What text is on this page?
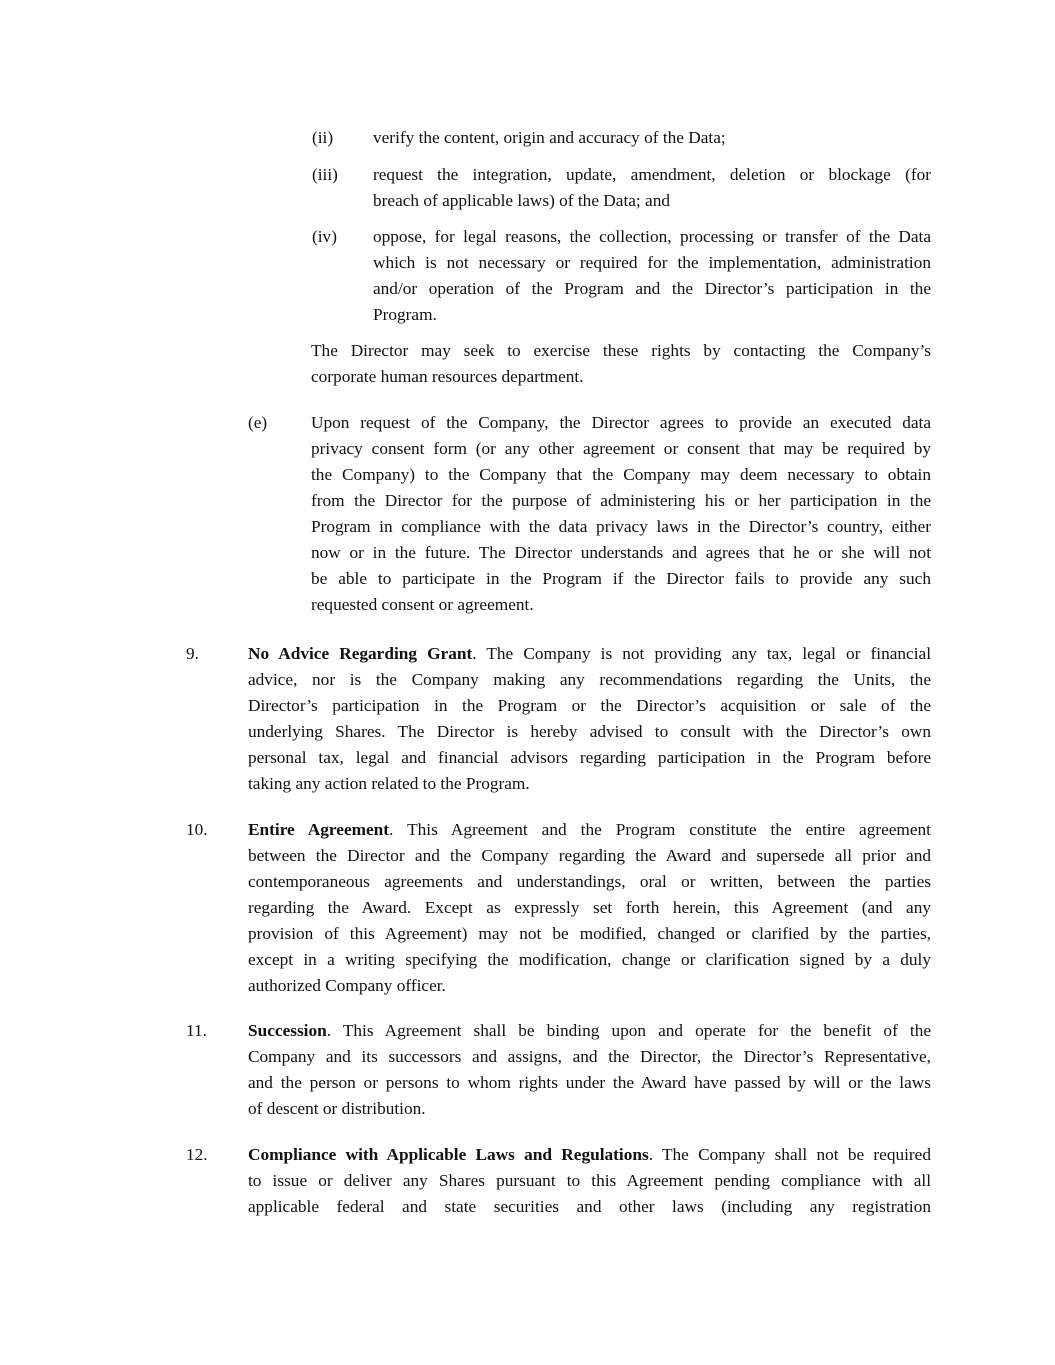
(ii) verify the content, origin and accuracy of the Data;
(iii) request the integration, update, amendment, deletion or blockage (for
breach of applicable laws) of the Data; and
(iv) oppose, for legal reasons, the collection, processing or transfer of the Data
which is not necessary or required for the implementation, administration
and/or operation of the Program and the Director’s participation in the
Program.
The Director may seek to exercise these rights by contacting the Company’s
corporate human resources department.
(e)	Upon request of the Company, the Director agrees to provide an executed data
privacy consent form (or any other agreement or consent that may be required by
the Company) to the Company that the Company may deem necessary to obtain
from the Director for the purpose of administering his or her participation in the
Program in compliance with the data privacy laws in the Director’s country, either
now or in the future. The Director understands and agrees that he or she will not
be able to participate in the Program if the Director fails to provide any such
requested consent or agreement.
9.	No Advice Regarding Grant. The Company is not providing any tax, legal or financial
advice, nor is the Company making any recommendations regarding the Units, the
Director’s participation in the Program or the Director’s acquisition or sale of the
underlying Shares. The Director is hereby advised to consult with the Director’s own
personal tax, legal and financial advisors regarding participation in the Program before
taking any action related to the Program.
10. Entire Agreement. This Agreement and the Program constitute the entire agreement
between the Director and the Company regarding the Award and supersede all prior and
contemporaneous agreements and understandings, oral or written, between the parties
regarding the Award. Except as expressly set forth herein, this Agreement (and any
provision of this Agreement) may not be modified, changed or clarified by the parties,
except in a writing specifying the modification, change or clarification signed by a duly
authorized Company officer.
11. Succession. This Agreement shall be binding upon and operate for the benefit of the
Company and its successors and assigns, and the Director, the Director’s Representative,
and the person or persons to whom rights under the Award have passed by will or the laws
of descent or distribution.
12. Compliance with Applicable Laws and Regulations. The Company shall not be required
to issue or deliver any Shares pursuant to this Agreement pending compliance with all
applicable federal and state securities and other laws (including any registration
